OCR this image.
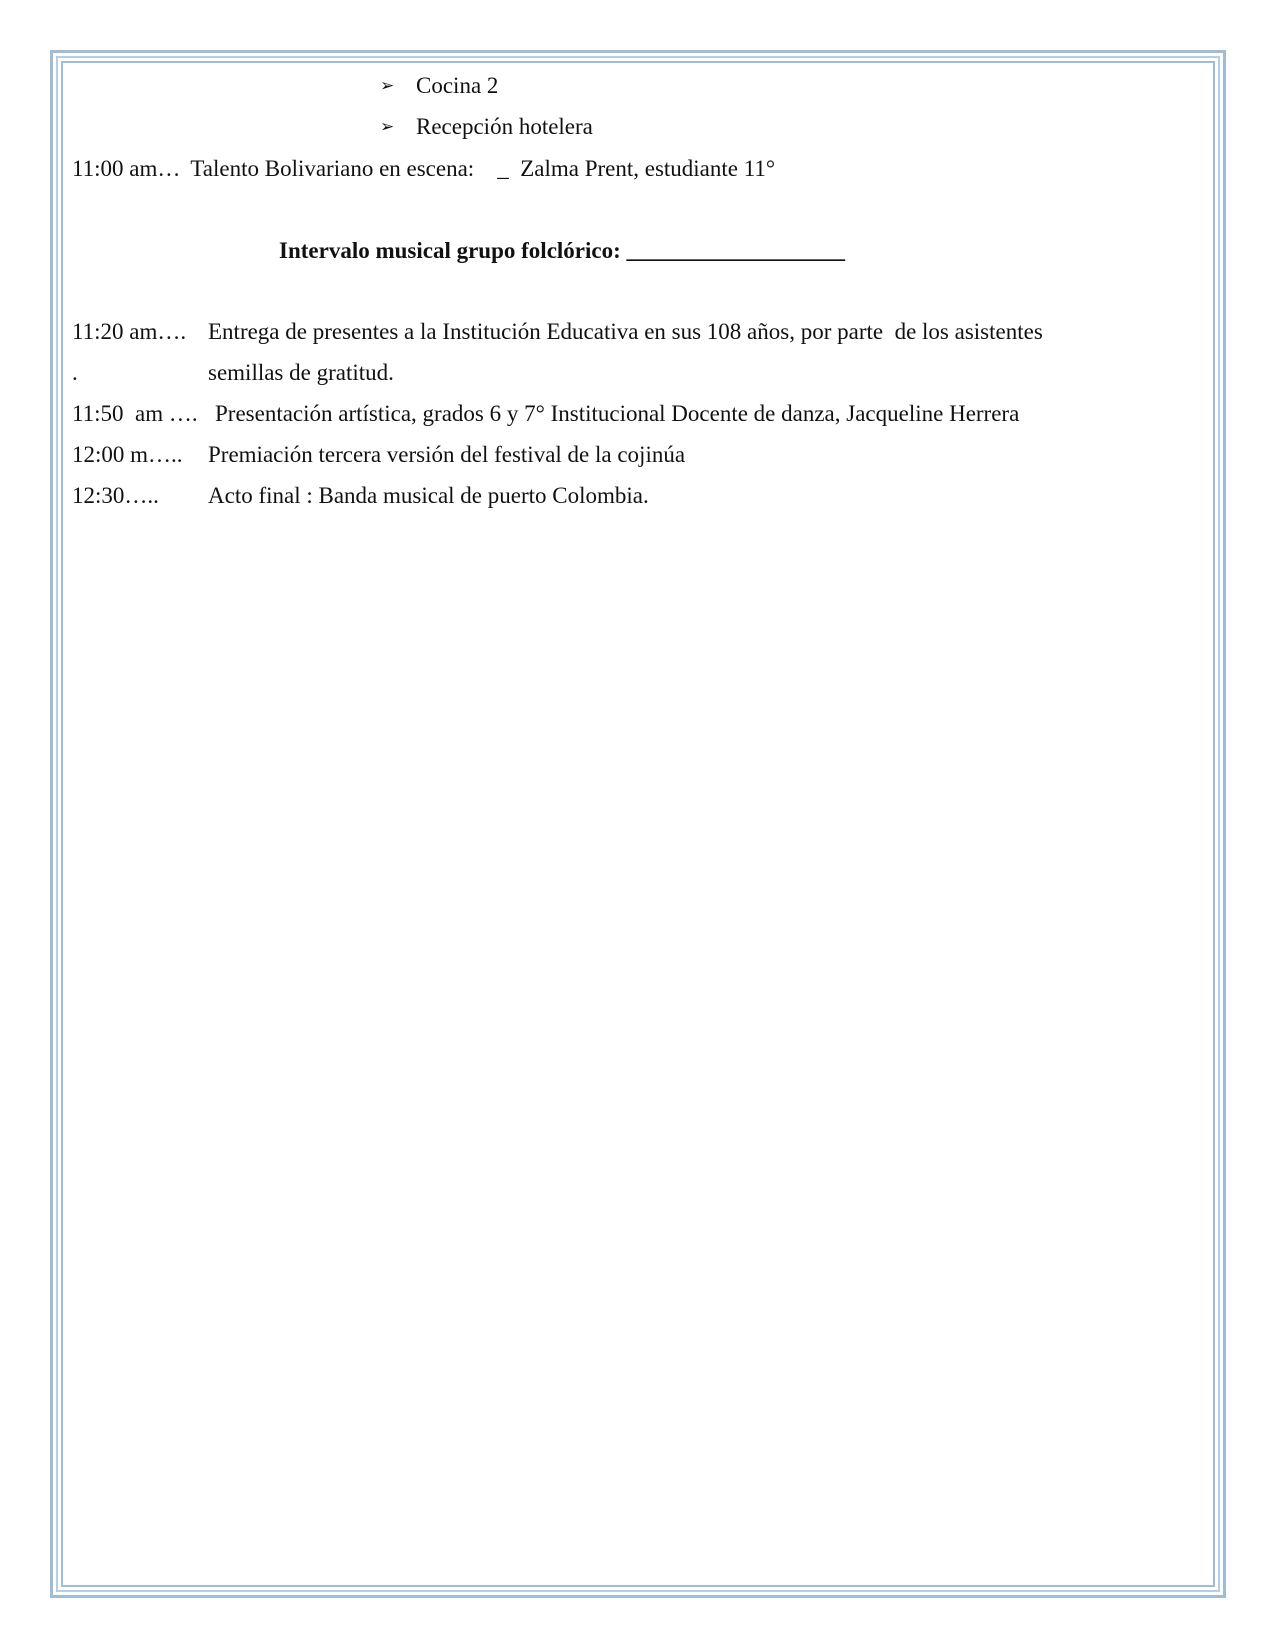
➢ Cocina 2
➢ Recepción hotelera
11:00 am… Talento Bolivariano en escena:    _  Zalma Prent, estudiante 11°
Intervalo musical grupo folclórico: ___________________
11:20 am…. Entrega de presentes a la Institución Educativa en sus 108 años, por parte  de los asistentes
.	semillas de gratitud.
11:50  am …. Presentación artística, grados 6 y 7° Institucional Docente de danza, Jacqueline Herrera
12:00 m….. Premiación tercera versión del festival de la cojinúa
12:30….. Acto final : Banda musical de puerto Colombia.
